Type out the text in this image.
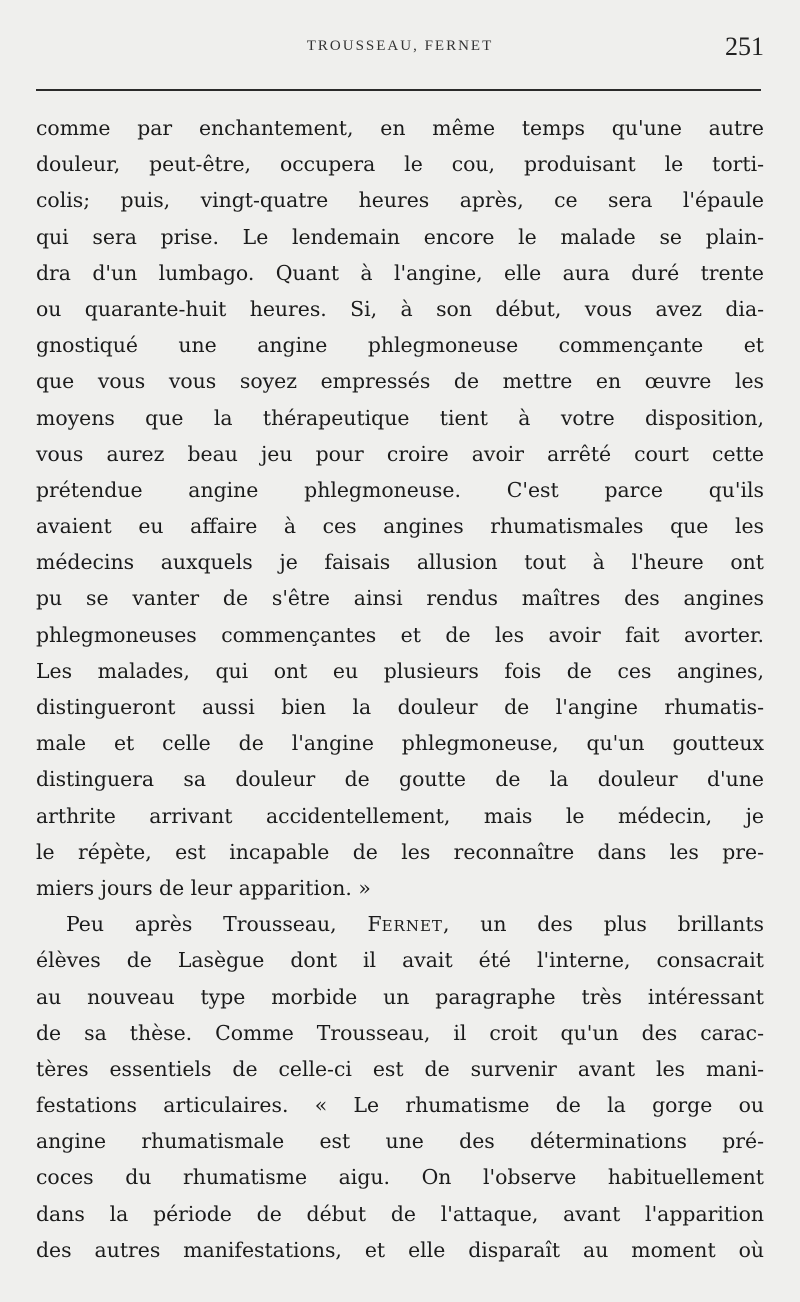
TROUSSEAU, FERNET	251
comme par enchantement, en même temps qu'une autre
douleur, peut-être, occupera le cou, produisant le torti-
colis; puis, vingt-quatre heures après, ce sera l'épaule
qui sera prise. Le lendemain encore le malade se plain-
dra d'un lumbago. Quant à l'angine, elle aura duré trente
ou quarante-huit heures. Si, à son début, vous avez dia-
gnostiqué une angine phlegmoneuse commençante et
que vous vous soyez empressés de mettre en œuvre les
moyens que la thérapeutique tient à votre disposition,
vous aurez beau jeu pour croire avoir arrêté court cette
prétendue angine phlegmoneuse. C'est parce qu'ils
avaient eu affaire à ces angines rhumatismales que les
médecins auxquels je faisais allusion tout à l'heure ont
pu se vanter de s'être ainsi rendus maîtres des angines
phlegmoneuses commençantes et de les avoir fait avorter.
Les malades, qui ont eu plusieurs fois de ces angines,
distingueront aussi bien la douleur de l'angine rhumatis-
male et celle de l'angine phlegmoneuse, qu'un goutteux
distinguera sa douleur de goutte de la douleur d'une
arthrite arrivant accidentellement, mais le médecin, je
le répète, est incapable de les reconnaître dans les pre-
miers jours de leur apparition. »
Peu après Trousseau, FERNET, un des plus brillants
élèves de Lasègue dont il avait été l'interne, consacrait
au nouveau type morbide un paragraphe très intéressant
de sa thèse. Comme Trousseau, il croit qu'un des carac-
tères essentiels de celle-ci est de survenir avant les mani-
festations articulaires. « Le rhumatisme de la gorge ou
angine rhumatismale est une des déterminations pré-
coces du rhumatisme aigu. On l'observe habituellement
dans la période de début de l'attaque, avant l'apparition
des autres manifestations, et elle disparaît au moment où
